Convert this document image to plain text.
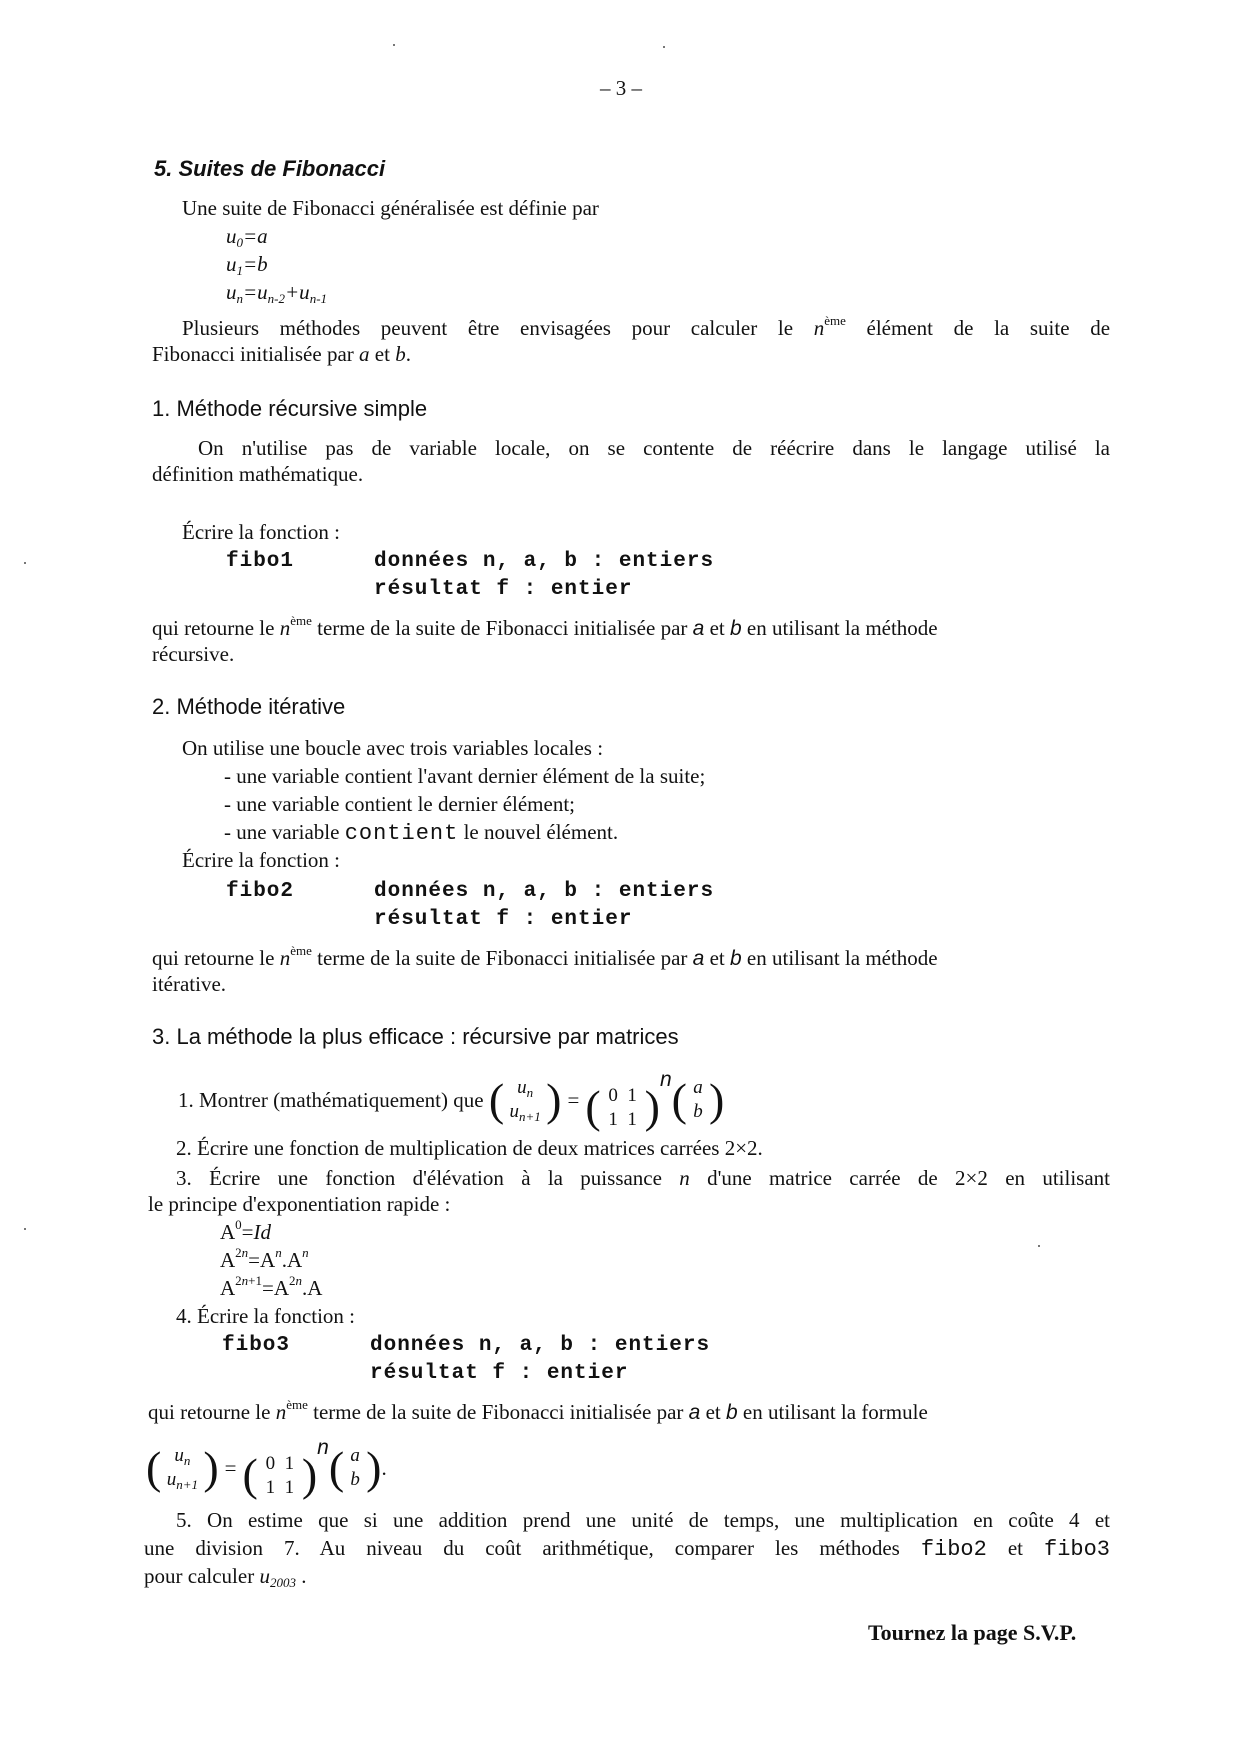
– 3 –
5. Suites de Fibonacci
Une suite de Fibonacci généralisée est définie par
$u_0=a$
$u_1=b$
$u_n=u_{n-2}+u_{n-1}$
Plusieurs méthodes peuvent être envisagées pour calculer le $n^{ème}$ élément de la suite de
Fibonacci initialisée par a et b.
1. Méthode récursive simple
On n'utilise pas de variable locale, on se contente de réécrire dans le langage utilisé la
définition mathématique.
Écrire la fonction :
fibo1	données n, a, b : entiers
résultat f : entier
qui retourne le $n^{ème}$ terme de la suite de Fibonacci initialisée par a et b en utilisant la méthode
récursive.
2. Méthode itérative
On utilise une boucle avec trois variables locales :
- une variable contient l'avant dernier élément de la suite;
- une variable contient le dernier élément;
- une variable contient le nouvel élément.
Écrire la fonction :
fibo2	données n, a, b : entiers
résultat f : entier
qui retourne le $n^{ème}$ terme de la suite de Fibonacci initialisée par a et b en utilisant la méthode
itérative.
3. La méthode la plus efficace : récursive par matrices
1. Montrer (mathématiquement) que
( $u_n$
$u_{n+1}$ ) = ( 0 1
1 1 )n ( a
b )
2. Écrire une fonction de multiplication de deux matrices carrées 2×2.
3. Écrire une fonction d'élévation à la puissance n d'une matrice carrée de 2×2 en utilisant
le principe d'exponentiation rapide :
$A^0=Id$
$A^{2n}=A^n.A^n$
$A^{2n+1}=A^{2n}.A$
4. Écrire la fonction :
fibo3	données n, a, b : entiers
résultat f : entier
qui retourne le $n^{ème}$ terme de la suite de Fibonacci initialisée par a et b en utilisant la formule
( $u_n$
$u_{n+1}$ ) = ( 0 1
1 1 )n ( a
b ) .
5. On estime que si une addition prend une unité de temps, une multiplication en coûte 4 et
une division 7. Au niveau du coût arithmétique, comparer les méthodes fibo2 et fibo3
pour calculer $u_{2003}$ .
Tournez la page S.V.P.
